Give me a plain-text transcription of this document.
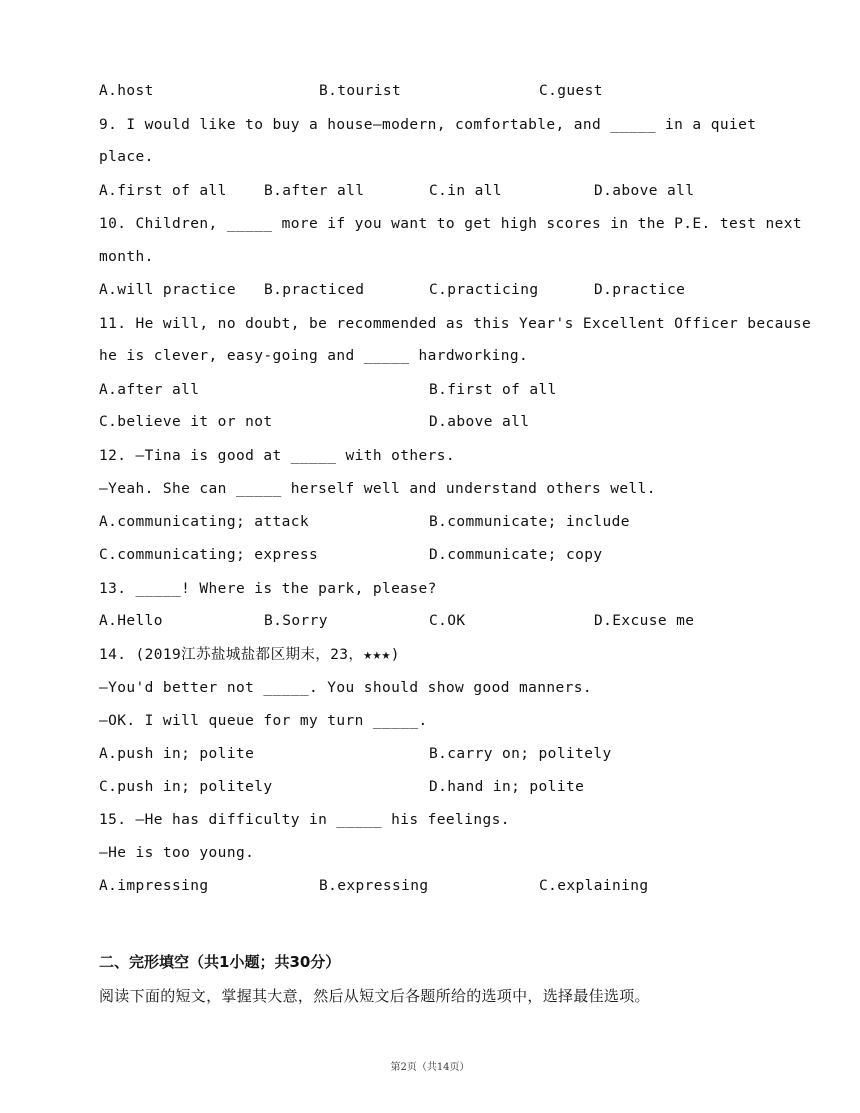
A.host	B.tourist	C.guest
9. I would like to buy a house—modern, comfortable, and _____ in a quiet
place.
A.first of all	B.after all	C.in all	D.above all
10. Children, _____ more if you want to get high scores in the P.E. test next
month.
A.will practice B.practiced	C.practicing	D.practice
11. He will, no doubt, be recommended as this Year's Excellent Officer because
he is clever, easy-going and _____ hardworking.
A.after all	B.first of all
C.believe it or not	D.above all
12. —Tina is good at _____ with others.
—Yeah. She can _____ herself well and understand others well.
A.communicating; attack	B.communicate; include
C.communicating; express	D.communicate; copy
13. _____! Where is the park, please?
A.Hello	B.Sorry	C.OK	D.Excuse me
14. (2019江苏盐城盐都区期末，23，★★★)
—You'd better not _____. You should show good manners.
—OK. I will queue for my turn _____.
A.push in; polite	B.carry on; politely
C.push in; politely	D.hand in; polite
15. —He has difficulty in _____ his feelings.
—He is too young.
A.impressing	B.expressing	C.explaining
二、完形填空（共1小题；共30分）
阅读下面的短文，掌握其大意，然后从短文后各题所给的选项中，选择最佳选项。
第2页（共14页）
